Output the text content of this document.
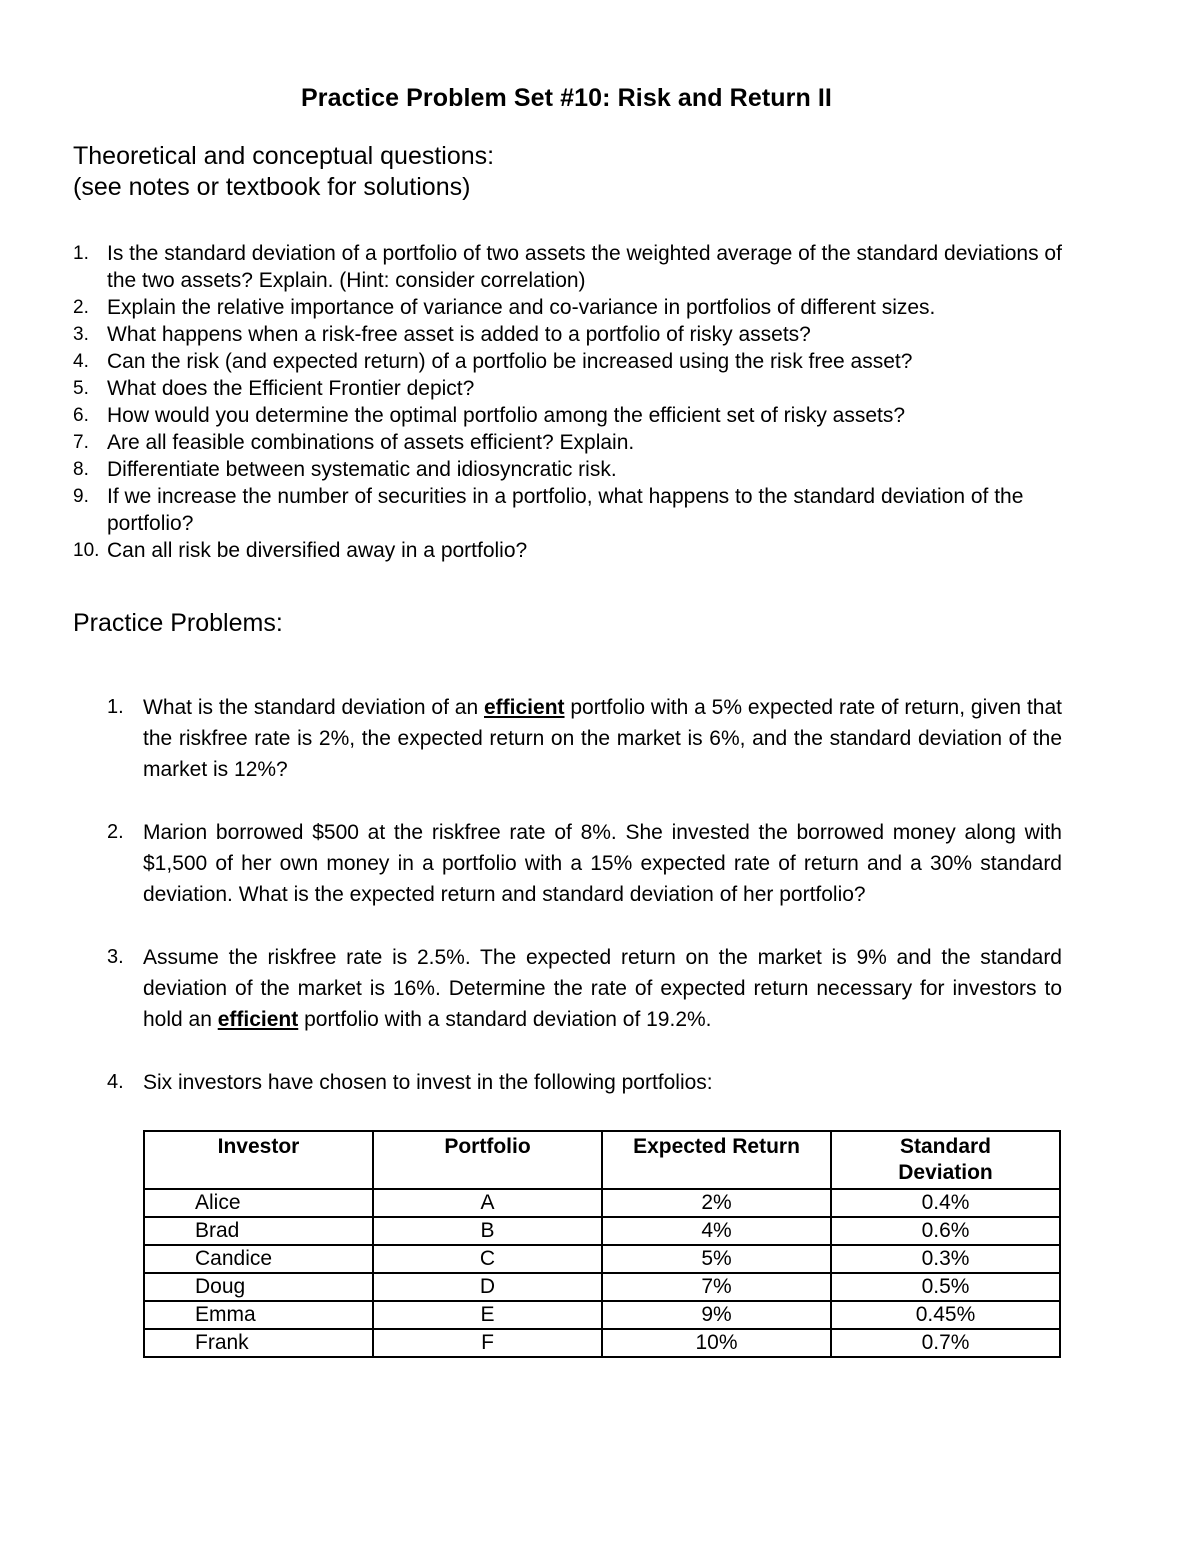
Practice Problem Set #10: Risk and Return II
Theoretical and conceptual questions:
(see notes or textbook for solutions)
1. Is the standard deviation of a portfolio of two assets the weighted average of the standard deviations of the two assets? Explain. (Hint: consider correlation)
2. Explain the relative importance of variance and co-variance in portfolios of different sizes.
3. What happens when a risk-free asset is added to a portfolio of risky assets?
4. Can the risk (and expected return) of a portfolio be increased using the risk free asset?
5. What does the Efficient Frontier depict?
6. How would you determine the optimal portfolio among the efficient set of risky assets?
7. Are all feasible combinations of assets efficient? Explain.
8. Differentiate between systematic and idiosyncratic risk.
9. If we increase the number of securities in a portfolio, what happens to the standard deviation of the portfolio?
10. Can all risk be diversified away in a portfolio?
Practice Problems:
1. What is the standard deviation of an efficient portfolio with a 5% expected rate of return, given that the riskfree rate is 2%, the expected return on the market is 6%, and the standard deviation of the market is 12%?
2. Marion borrowed $500 at the riskfree rate of 8%. She invested the borrowed money along with $1,500 of her own money in a portfolio with a 15% expected rate of return and a 30% standard deviation. What is the expected return and standard deviation of her portfolio?
3. Assume the riskfree rate is 2.5%. The expected return on the market is 9% and the standard deviation of the market is 16%. Determine the rate of expected return necessary for investors to hold an efficient portfolio with a standard deviation of 19.2%.
4. Six investors have chosen to invest in the following portfolios:
Investor	Portfolio	Expected Return	Standard
Deviation
Alice	A	2%	0.4%
Brad	B	4%	0.6%
Candice	C	5%	0.3%
Doug	D	7%	0.5%
Emma	E	9%	0.45%
Frank	F	10%	0.7%
